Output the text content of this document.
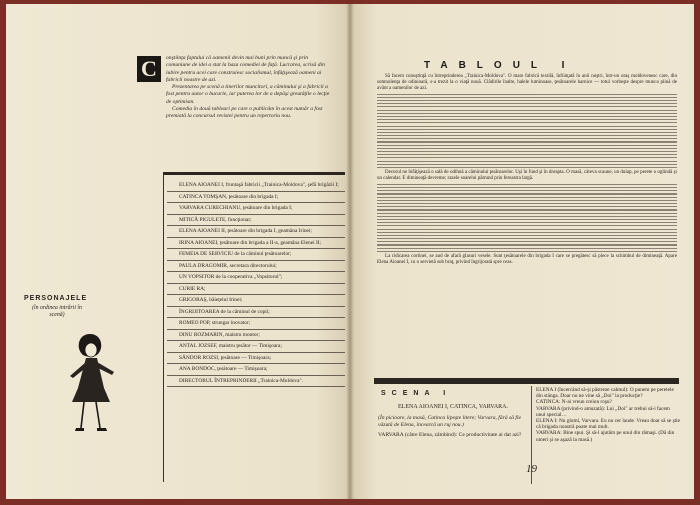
C	onştiinţa faptului că oamenii devin mai buni prin muncă şi prin comuniune de idei a stat la baza comediei de faţă. Lucrarea, scrisă din iubire pentru acei care construiesc socialismul, înfăţişează oameni ai fabricii noastre de azi.

Prezentarea pe scenă a tinerilor muncitori, a căminului şi a fabricii a fost pentru autor o bucurie, iar puterea lor de a depăşi greutăţile o lecţie de optimism.

Comedia în două tablouri pe care o publicăm în acest număr a fost premiată la concursul revistei pentru un repertoriu nou.

ELENA AIOANEI I, fruntaşă fabricii „Trainica-Moldova", şefă brigăzii I;
CATINCA TOMŞAN, ţesătoare din brigada I;
VARVARA CURECHIANU, ţesătoare din brigada I;
MITICĂ PIGULETE, funcţionar;
ELENA AIOANEI II, ţesătoare din brigada I, geamăna Irinei;
IRINA AIOANEI, ţesătoare din brigada a II-a, geamăna Elenei II;
FEMEIA DE SERVICIU de la căminul ţesătoarelor;
PAULA DRAGOMIR, secretara directorului;
UN VOPSITOR de la cooperativa „Vopsitorul";
CURIE RA;
GRIGORAŞ, băieţelul Irinei;
ÎNGRIJITOAREA de la căminul de copii;
ROMEO POP, strungar inovator;
DINU ROZMARIN, maistru montor;
ANTAL JOZSEF, maistru ţesător — Timişoara;
SĂNDOR ROZSI, ţesătoare — Timişoara;
ANA BONDOC, ţesătoare — Timişoara;
DIRECTORUL ÎNTREPRINDERII „Trainica-Moldova".
PERSONAJELE
(în ordinea intrării în scenă)
TABLOUL I

Să facem cunoştinţă cu întreprinderea „Trainica-Moldova". O mare fabrică textilă, înfiinţată în anii noştri, într-un oraş moldovenesc care, din somnolenţa de odinioară, s-a trezit la o viaţă nouă. Clădirile înalte, halele luminoase, ţesătoarele harnice — totul vorbeşte despre munca plină de avânt a oamenilor de azi.

Decorul ne înfăţişează o sală de odihnă a căminului ţesătoarelor. Uşi în fund şi în dreapta. O masă, câteva scaune, un dulap, pe perete o oglindă şi un calendar. E dimineaţă devreme; razele soarelui pătrund prin fereastra largă.

La ridicarea cortinei, se aud de afară glasuri vesele. Sunt ţesătoarele din brigada I care se pregătesc să plece la schimbul de dimineaţă. Apare Elena Aioanei I, cu o servietă sub braţ, privind îngrijorată spre ceas.

SCENA I
ELENA AIOANEI I, CATINCA, VARVARA.
(În picioare, la masă, Catinca lipeşte litere; Varvara, fără să fie văzută de Elena, încearcă un ruj nou.)
VARVARA (către Elena, zâmbind): Ce productivitate ai dat azi?
ELENA I (încercând să-şi păstreze calmul): O punem pe peretele din stânga. Doar nu ne vine să „Doi" la producţie?
CATINCA: N-ai vreun creion roşu?
VARVARA (privind-o amuzată): Lui „Doi" ar trebui să-i facem unul special…
ELENA I: Nu glumi, Varvara. Eu nu cer laude. Vreau doar să se ştie că brigada noastră poate mai mult.
VARVARA: Bine spui. Şi să-l ajutăm pe unul din rămaşi. (Dă din umeri şi se aşază la masă.)
19
